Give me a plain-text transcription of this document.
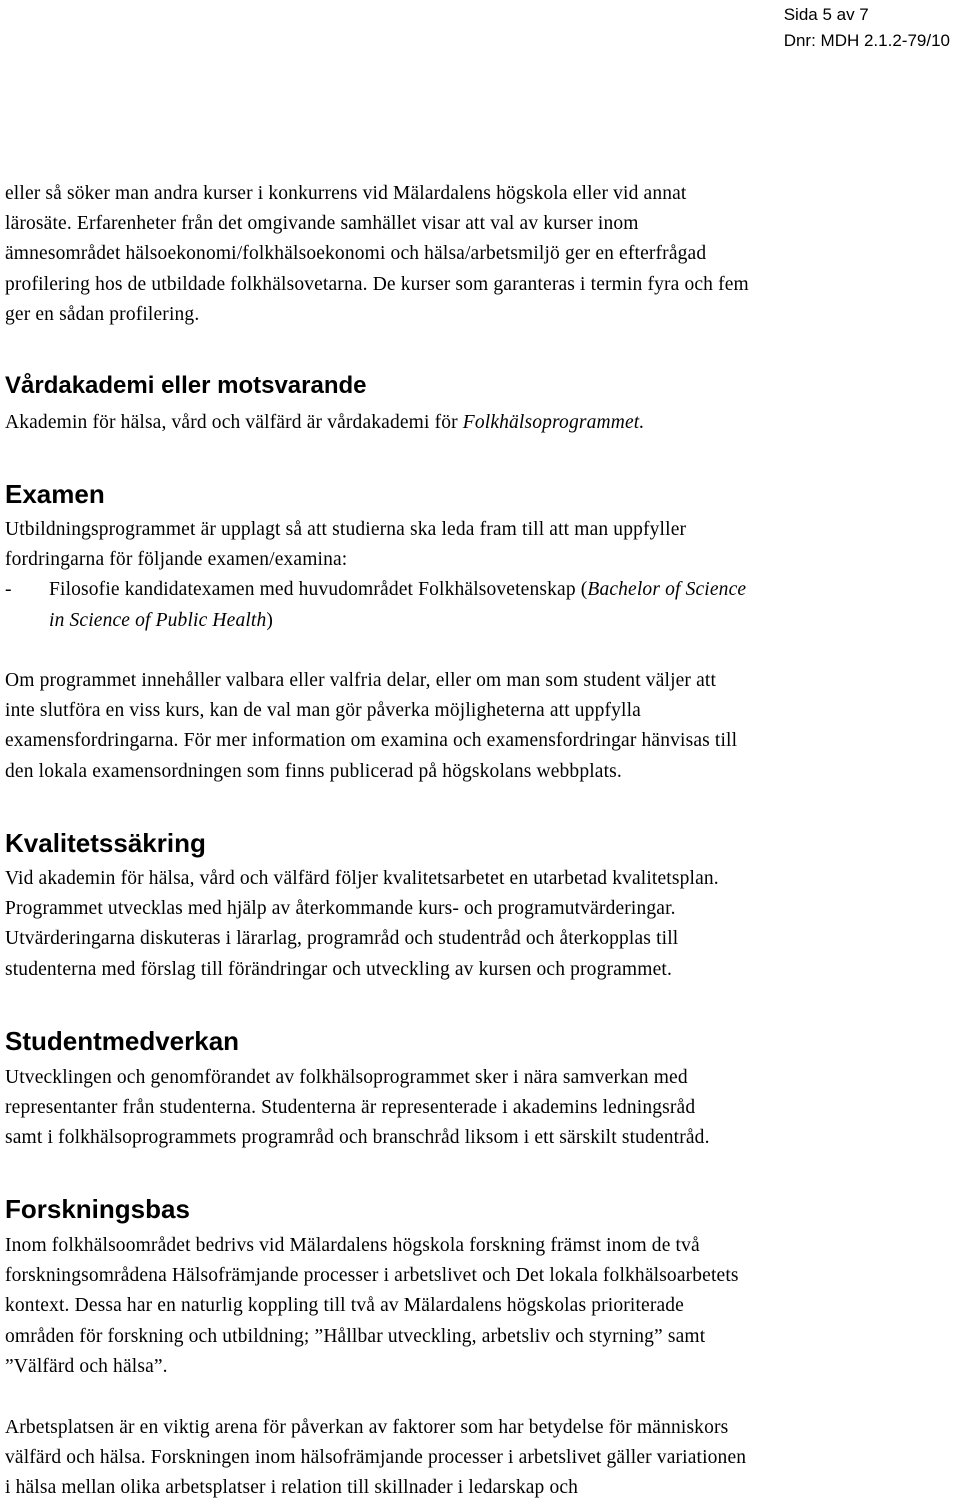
Sida 5 av 7
Dnr: MDH 2.1.2-79/10
eller så söker man andra kurser i konkurrens vid Mälardalens högskola eller vid annat
lärosäte. Erfarenheter från det omgivande samhället visar att val av kurser inom
ämnesområdet hälsoekonomi/folkhälsoekonomi och hälsa/arbetsmiljö ger en efterfrågad
profilering hos de utbildade folkhälsovetarna. De kurser som garanteras i termin fyra och fem
ger en sådan profilering.
Vårdakademi eller motsvarande
Akademin för hälsa, vård och välfärd är vårdakademi för Folkhälsoprogrammet.
Examen
Utbildningsprogrammet är upplagt så att studierna ska leda fram till att man uppfyller
fordringarna för följande examen/examina:
-	Filosofie kandidatexamen med huvudområdet Folkhälsovetenskap (Bachelor of Science
in Science of Public Health)
Om programmet innehåller valbara eller valfria delar, eller om man som student väljer att
inte slutföra en viss kurs, kan de val man gör påverka möjligheterna att uppfylla
examensfordringarna. För mer information om examina och examensfordringar hänvisas till
den lokala examensordningen som finns publicerad på högskolans webbplats.
Kvalitetssäkring
Vid akademin för hälsa, vård och välfärd följer kvalitetsarbetet en utarbetad kvalitetsplan.
Programmet utvecklas med hjälp av återkommande kurs- och programutvärderingar.
Utvärderingarna diskuteras i lärarlag, programråd och studentråd och återkopplas till
studenterna med förslag till förändringar och utveckling av kursen och programmet.
Studentmedverkan
Utvecklingen och genomförandet av folkhälsoprogrammet sker i nära samverkan med
representanter från studenterna. Studenterna är representerade i akademins ledningsråd
samt i folkhälsoprogrammets programråd och branschråd liksom i ett särskilt studentråd.
Forskningsbas
Inom folkhälsoområdet bedrivs vid Mälardalens högskola forskning främst inom de två
forskningsområdena Hälsofrämjande processer i arbetslivet och Det lokala folkhälsoarbetets
kontext. Dessa har en naturlig koppling till två av Mälardalens högskolas prioriterade
områden för forskning och utbildning; ”Hållbar utveckling, arbetsliv och styrning” samt
”Välfärd och hälsa”.
Arbetsplatsen är en viktig arena för påverkan av faktorer som har betydelse för människors
välfärd och hälsa. Forskningen inom hälsofrämjande processer i arbetslivet gäller variationen
i hälsa mellan olika arbetsplatser i relation till skillnader i ledarskap och
